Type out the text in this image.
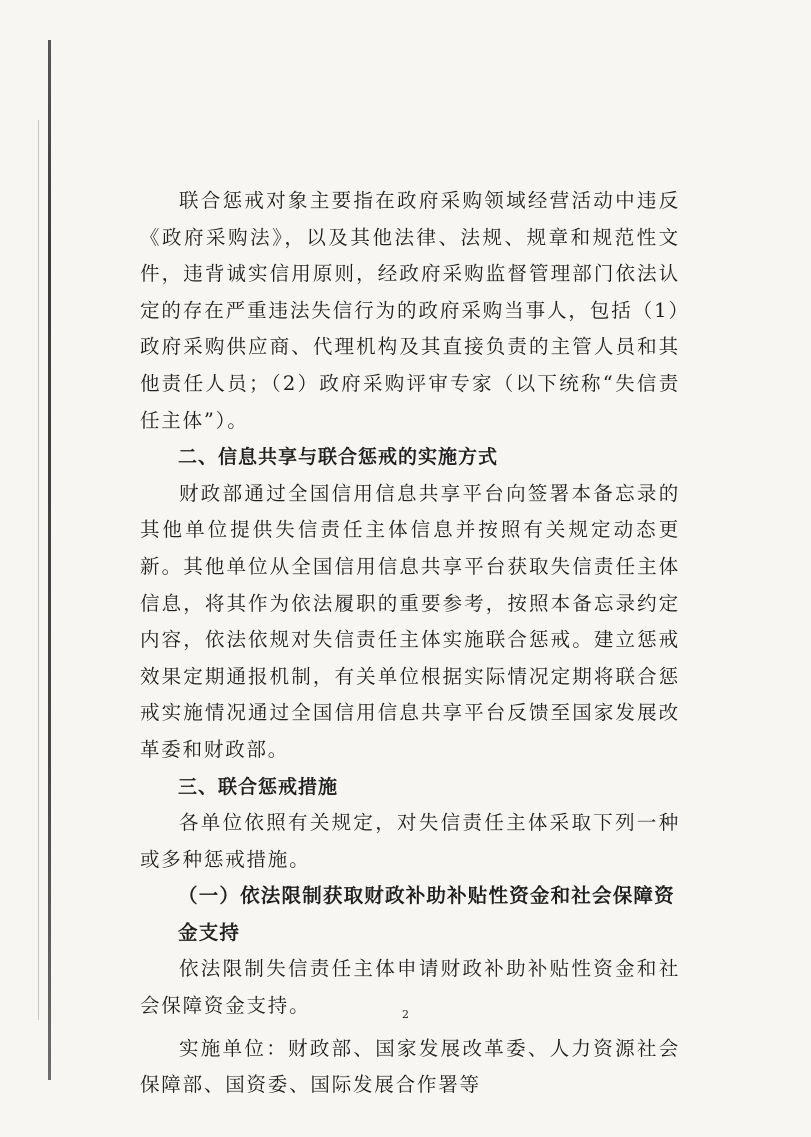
联合惩戒对象主要指在政府采购领域经营活动中违反《政府采购法》，以及其他法律、法规、规章和规范性文件，违背诚实信用原则，经政府采购监督管理部门依法认定的存在严重违法失信行为的政府采购当事人，包括（1）政府采购供应商、代理机构及其直接负责的主管人员和其他责任人员；（2）政府采购评审专家（以下统称“失信责任主体”）。

二、信息共享与联合惩戒的实施方式

财政部通过全国信用信息共享平台向签署本备忘录的其他单位提供失信责任主体信息并按照有关规定动态更新。其他单位从全国信用信息共享平台获取失信责任主体信息，将其作为依法履职的重要参考，按照本备忘录约定内容，依法依规对失信责任主体实施联合惩戒。建立惩戒效果定期通报机制，有关单位根据实际情况定期将联合惩戒实施情况通过全国信用信息共享平台反馈至国家发展改革委和财政部。

三、联合惩戒措施

各单位依照有关规定，对失信责任主体采取下列一种或多种惩戒措施。

（一）依法限制获取财政补助补贴性资金和社会保障资金支持

依法限制失信责任主体申请财政补助补贴性资金和社会保障资金支持。

实施单位：财政部、国家发展改革委、人力资源社会保障部、国资委、国际发展合作署等

2
